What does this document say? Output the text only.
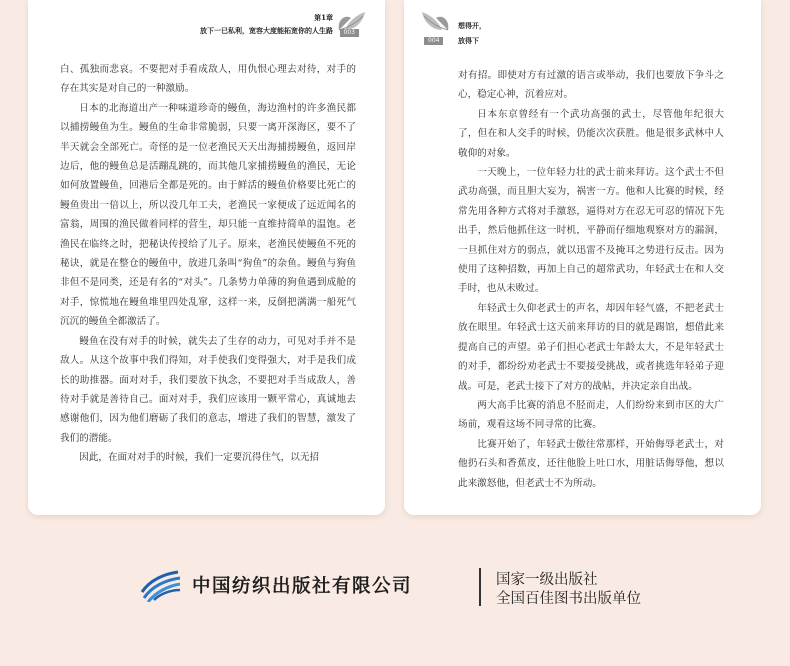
第1章
放下一已私利，宽容大度能拓宽你的人生路	003

白、孤独而悲哀。不要把对手看成敌人，用仇恨心理去对待，对手的存在其实是对自己的一种激励。

日本的北海道出产一种味道珍奇的鳗鱼，海边渔村的许多渔民都以捕捞鳗鱼为生。鳗鱼的生命非常脆弱，只要一离开深海区，要不了半天就会全部死亡。奇怪的是一位老渔民天天出海捕捞鳗鱼，返回岸边后，他的鳗鱼总是活蹦乱跳的，而其他几家捕捞鳗鱼的渔民，无论如何放置鳗鱼，回港后全都是死的。由于鲜活的鳗鱼价格要比死亡的鳗鱼贵出一倍以上，所以没几年工夫，老渔民一家便成了远近闻名的富翁，周围的渔民做着同样的营生，却只能一直维持简单的温饱。老渔民在临终之时，把秘诀传授给了儿子。原来，老渔民使鳗鱼不死的秘诀，就是在整仓的鳗鱼中，放进几条叫“狗鱼”的杂鱼。鳗鱼与狗鱼非但不是同类，还是有名的“对头”。几条势力单薄的狗鱼遇到成舱的对手，惊慌地在鳗鱼堆里四处乱窜，这样一来，反倒把满满一船死气沉沉的鳗鱼全都激活了。

鳗鱼在没有对手的时候，就失去了生存的动力，可见对手并不是敌人。从这个故事中我们得知，对手使我们变得强大，对手是我们成长的助推器。面对对手，我们要放下执念，不要把对手当成敌人，善待对手就是善待自己。面对对手，我们应该用一颗平常心，真诚地去感谢他们，因为他们磨砺了我们的意志，增进了我们的智慧，激发了我们的潜能。

因此，在面对对手的时候，我们一定要沉得住气，以无招

004
想得开，
放得下

对有招。即使对方有过激的语言或举动，我们也要放下争斗之心，稳定心神，沉着应对。

日本东京曾经有一个武功高强的武士，尽管他年纪很大了，但在和人交手的时候，仍能次次获胜。他是很多武林中人敬仰的对象。

一天晚上，一位年轻力壮的武士前来拜访。这个武士不但武功高强，而且胆大妄为，祸害一方。他和人比赛的时候，经常先用各种方式将对手激怒，逼得对方在忍无可忍的情况下先出手，然后他抓住这一时机，平静而仔细地观察对方的漏洞，一旦抓住对方的弱点，就以迅雷不及掩耳之势进行反击。因为使用了这种招数，再加上自己的超常武功，年轻武士在和人交手时，也从未败过。

年轻武士久仰老武士的声名，却因年轻气盛，不把老武士放在眼里。年轻武士这天前来拜访的目的就是踢馆，想借此来提高自己的声望。弟子们担心老武士年龄太大，不是年轻武士的对手，都纷纷劝老武士不要接受挑战，或者挑选年轻弟子迎战。可是，老武士接下了对方的战帖，并决定亲自出战。

两大高手比赛的消息不胫而走，人们纷纷来到市区的大广场前，观看这场不同寻常的比赛。

比赛开始了，年轻武士傲往常那样，开始侮辱老武士，对他扔石头和香蕉皮，还往他脸上吐口水，用脏话侮辱他，想以此来激怒他，但老武士不为所动。

中国纺织出版社有限公司	国家一级出版社
全国百佳图书出版单位
